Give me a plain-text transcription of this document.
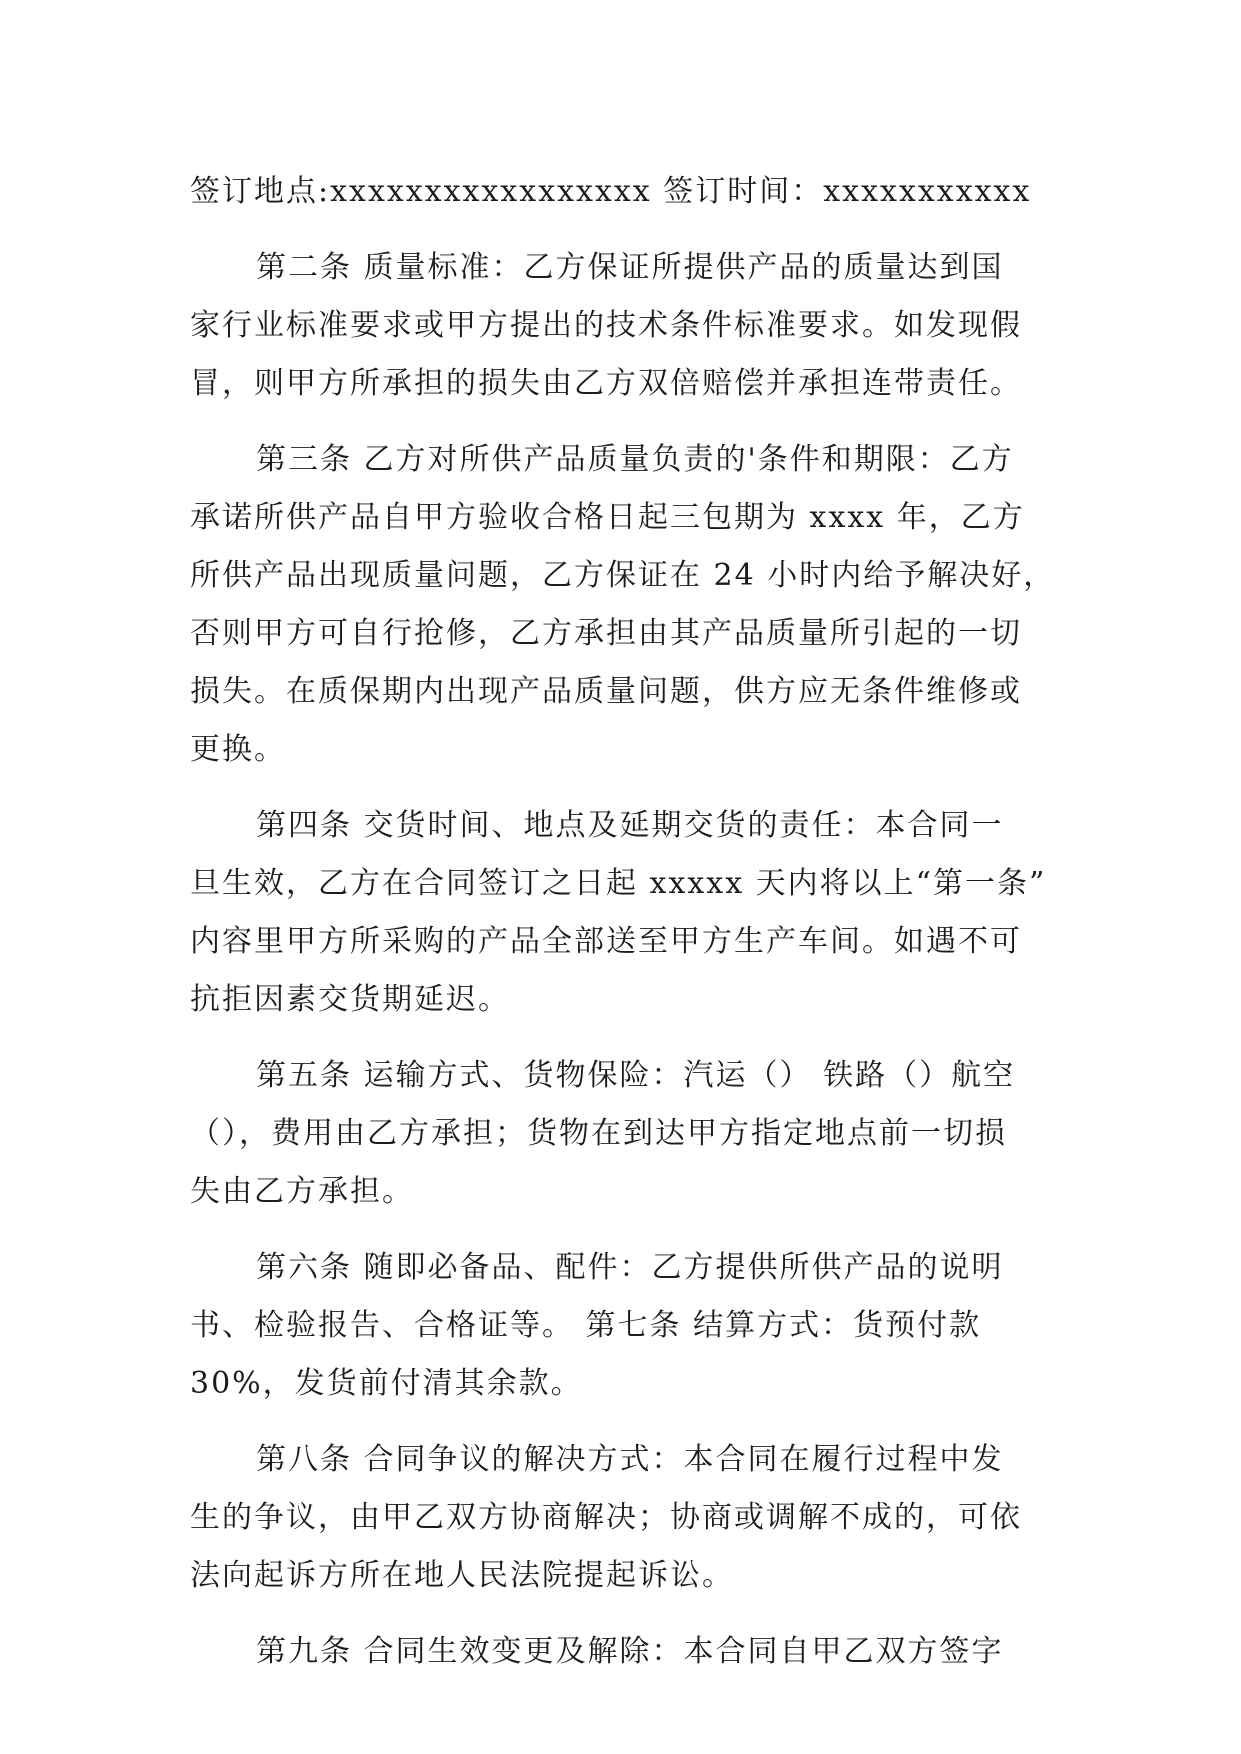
签订地点:xxxxxxxxxxxxxxxxx 签订时间：xxxxxxxxxxx
第二条 质量标准：乙方保证所提供产品的质量达到国
家行业标准要求或甲方提出的技术条件标准要求。如发现假
冒，则甲方所承担的损失由乙方双倍赔偿并承担连带责任。
第三条 乙方对所供产品质量负责的'条件和期限：乙方
承诺所供产品自甲方验收合格日起三包期为 xxxx 年，乙方
所供产品出现质量问题，乙方保证在 24 小时内给予解决好，
否则甲方可自行抢修，乙方承担由其产品质量所引起的一切
损失。在质保期内出现产品质量问题，供方应无条件维修或
更换。
第四条 交货时间、地点及延期交货的责任：本合同一
旦生效，乙方在合同签订之日起 xxxxx 天内将以上“第一条”
内容里甲方所采购的产品全部送至甲方生产车间。如遇不可
抗拒因素交货期延迟。
第五条 运输方式、货物保险：汽运（） 铁路（）航空
（），费用由乙方承担；货物在到达甲方指定地点前一切损
失由乙方承担。
第六条 随即必备品、配件：乙方提供所供产品的说明
书、检验报告、合格证等。 第七条 结算方式：货预付款
30%，发货前付清其余款。
第八条 合同争议的解决方式：本合同在履行过程中发
生的争议，由甲乙双方协商解决；协商或调解不成的，可依
法向起诉方所在地人民法院提起诉讼。
第九条 合同生效变更及解除：本合同自甲乙双方签字
